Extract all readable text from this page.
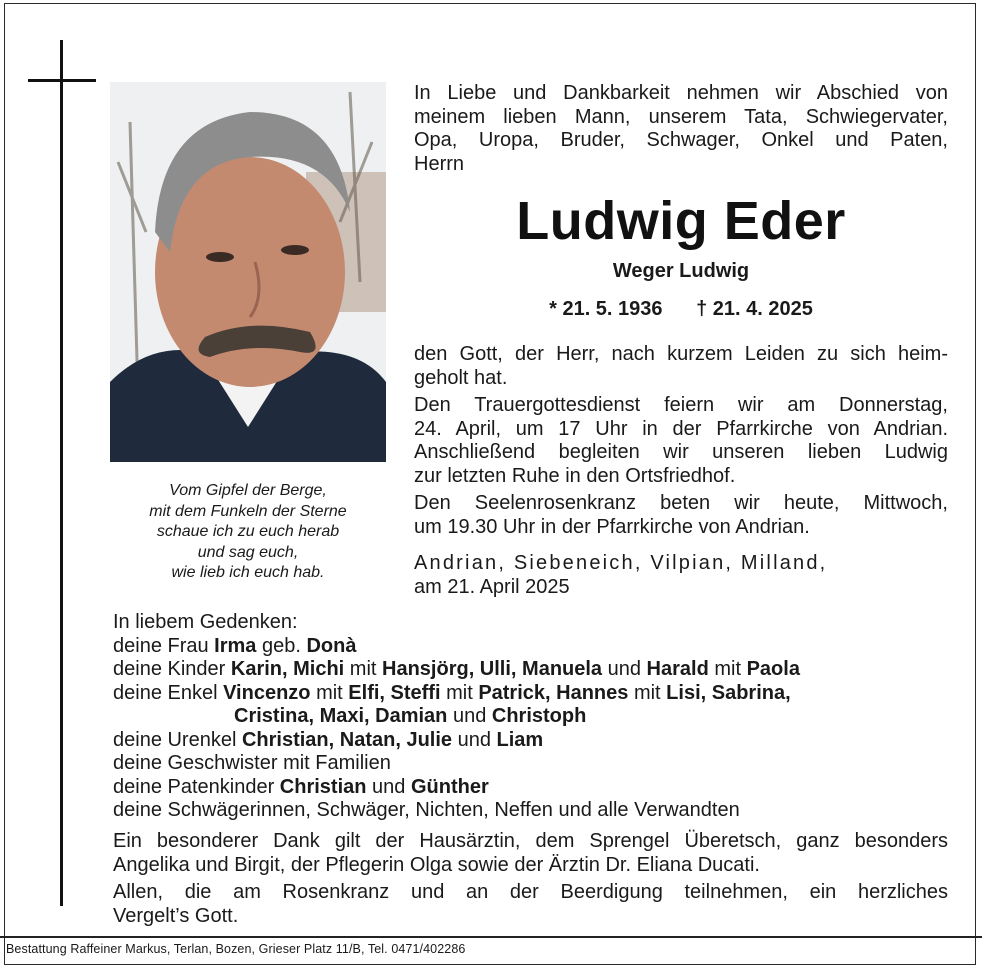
Vom Gipfel der Berge,
mit dem Funkeln der Sterne
schaue ich zu euch herab
und sag euch,
wie lieb ich euch hab.
In Liebe und Dankbarkeit nehmen wir Abschied von
meinem lieben Mann, unserem Tata, Schwiegervater,
Opa, Uropa, Bruder, Schwager, Onkel und Paten,
Herrn
Ludwig Eder
Weger Ludwig
* 21. 5. 1936 † 21. 4. 2025
den Gott, der Herr, nach kurzem Leiden zu sich heim-
geholt hat.
Den Trauergottesdienst feiern wir am Donnerstag,
24. April, um 17 Uhr in der Pfarrkirche von Andrian.
Anschließend begleiten wir unseren lieben Ludwig
zur letzten Ruhe in den Ortsfriedhof.
Den Seelenrosenkranz beten wir heute, Mittwoch,
um 19.30 Uhr in der Pfarrkirche von Andrian.
Andrian, Siebeneich, Vilpian, Milland,
am 21. April 2025
In liebem Gedenken:
deine Frau Irma geb. Donà
deine Kinder Karin, Michi mit Hansjörg, Ulli, Manuela und Harald mit Paola
deine Enkel Vincenzo mit Elfi, Steffi mit Patrick, Hannes mit Lisi, Sabrina,
Cristina, Maxi, Damian und Christoph
deine Urenkel Christian, Natan, Julie und Liam
deine Geschwister mit Familien
deine Patenkinder Christian und Günther
deine Schwägerinnen, Schwäger, Nichten, Neffen und alle Verwandten
Ein besonderer Dank gilt der Hausärztin, dem Sprengel Überetsch, ganz besonders
Angelika und Birgit, der Pflegerin Olga sowie der Ärztin Dr. Eliana Ducati.
Allen, die am Rosenkranz und an der Beerdigung teilnehmen, ein herzliches
Vergelt’s Gott.
Bestattung Raffeiner Markus, Terlan, Bozen, Grieser Platz 11/B, Tel. 0471/402286
